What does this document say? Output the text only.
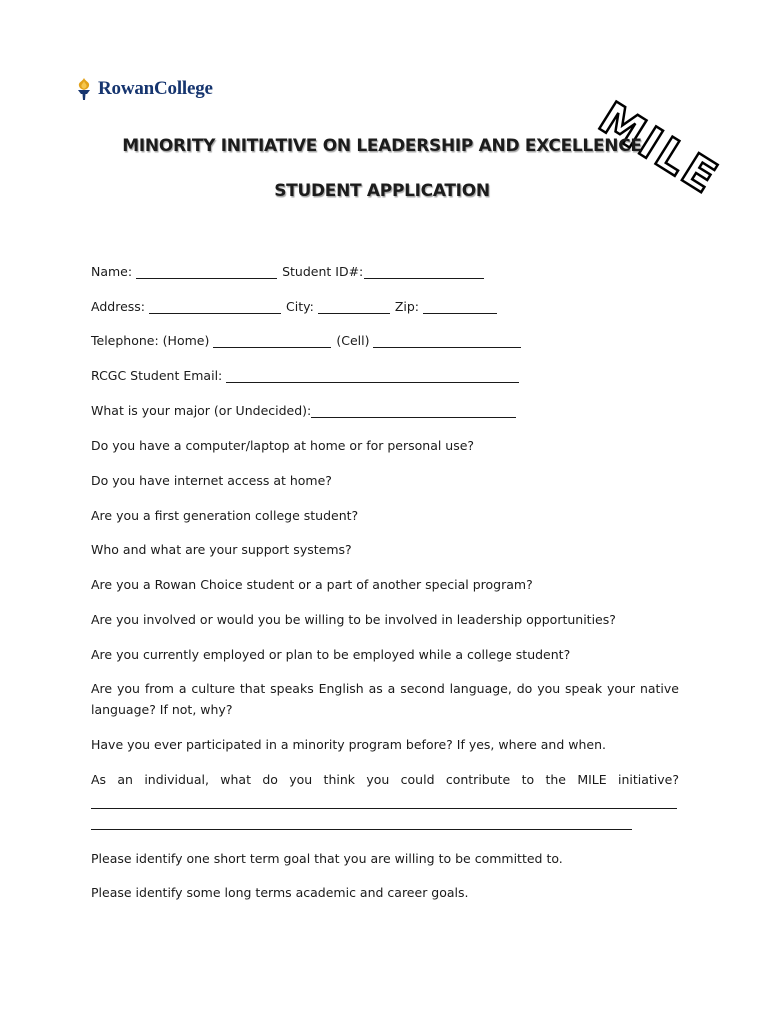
RowanCollege
MILE
MINORITY INITIATIVE ON LEADERSHIP AND EXCELLENCE
STUDENT APPLICATION
Name:	Student ID#:
Address:	City:	Zip:
Telephone: (Home)	(Cell)
RCGC Student Email:
What is your major (or Undecided):
Do you have a computer/laptop at home or for personal use?
Do you have internet access at home?
Are you a first generation college student?
Who and what are your support systems?
Are you a Rowan Choice student or a part of another special program?
Are you involved or would you be willing to be involved in leadership opportunities?
Are you currently employed or plan to be employed while a college student?
Are you from a culture that speaks English as a second language, do you speak your native language? If not, why?
Have you ever participated in a minority program before? If yes, where and when.
As an individual, what do you think you could contribute to the MILE initiative?
Please identify one short term goal that you are willing to be committed to.
Please identify some long terms academic and career goals.
